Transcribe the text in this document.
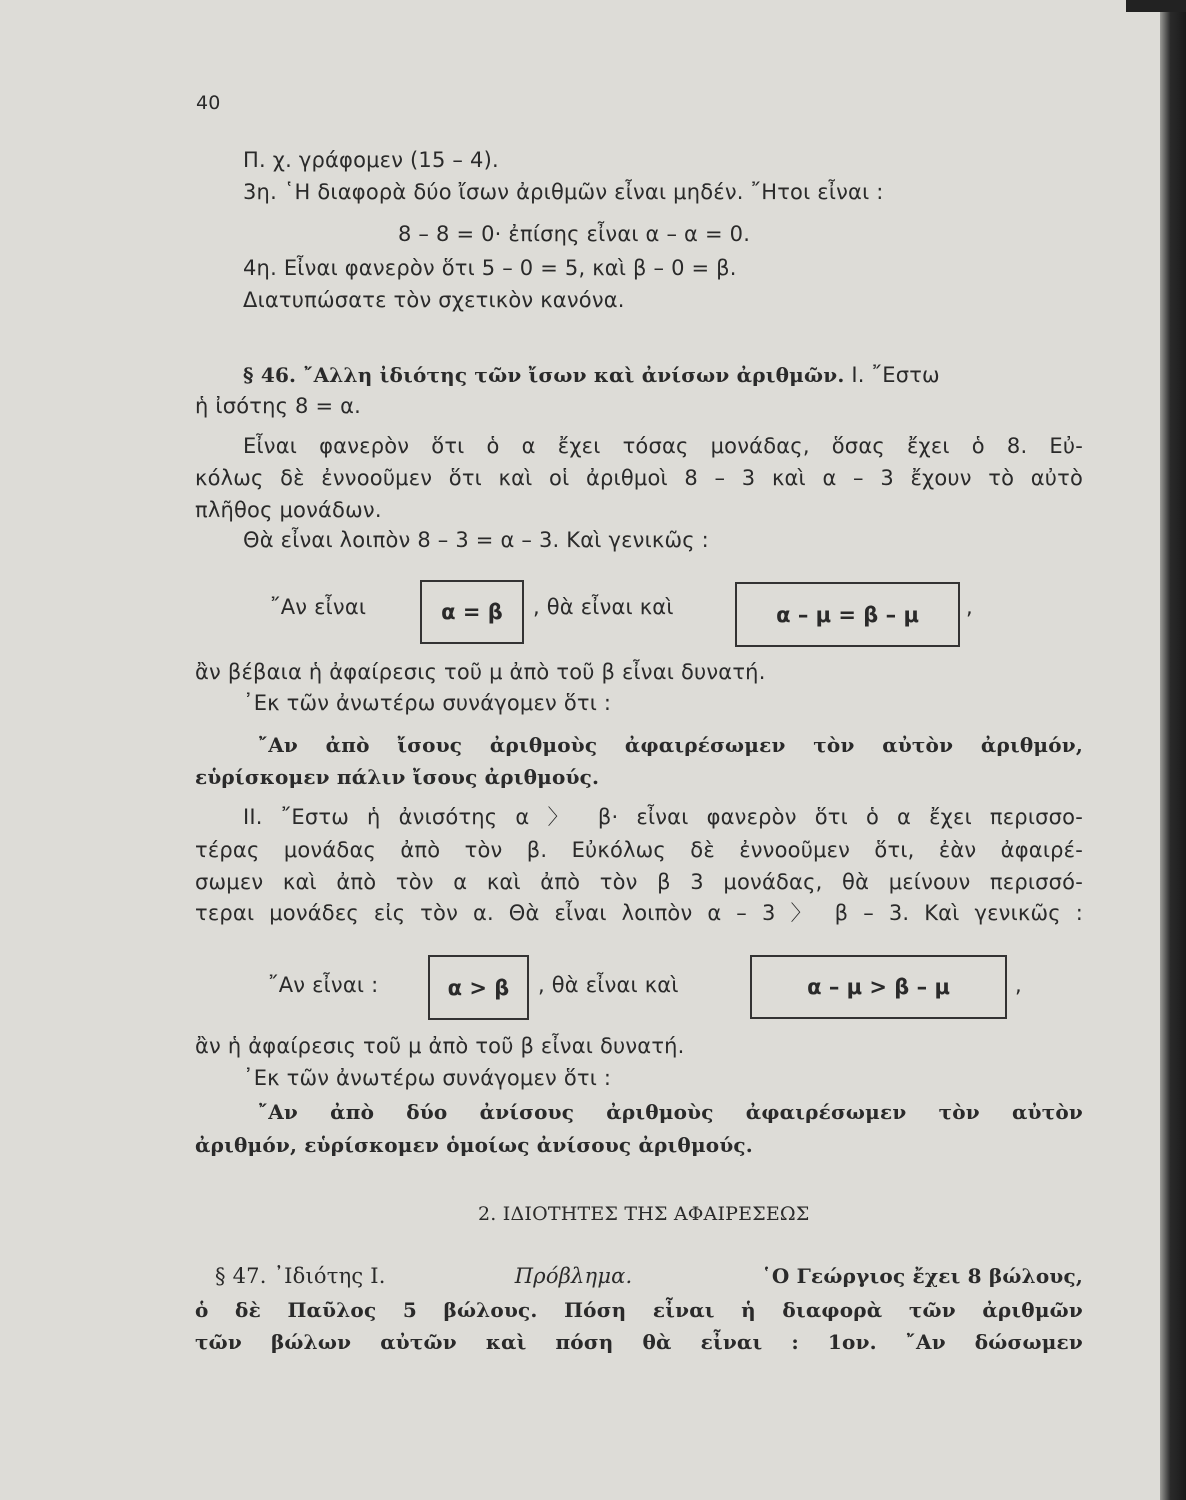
40
Π. χ. γράφομεν (15 – 4).
3η. ῾Η διαφορὰ δύο ἴσων ἀριθμῶν εἶναι μηδέν. ῎Ητοι εἶναι :
8 – 8 = 0· ἐπίσης εἶναι α – α = 0.
4η. Εἶναι φανερὸν ὅτι 5 – 0 = 5, καὶ β – 0 = β.
Διατυπώσατε τὸν σχετικὸν κανόνα.
§ 46. ῎Αλλη ἰδιότης τῶν ἴσων καὶ ἀνίσων ἀριθμῶν. I. ῎Εστω
ἡ ἰσότης 8 = α.
Εἶναι φανερὸν ὅτι ὁ α ἔχει τόσας μονάδας, ὅσας ἔχει ὁ 8. Εὐ-
κόλως δὲ ἐννοοῦμεν ὅτι καὶ οἱ ἀριθμοὶ 8 – 3 καὶ α – 3 ἔχουν τὸ αὐτὸ
πλῆθος μονάδων.
Θὰ εἶναι λοιπὸν 8 – 3 = α – 3. Καὶ γενικῶς :
῎Αν εἶναι	α = β	, θὰ εἶναι καὶ	α – μ = β – μ	,
ἂν βέβαια ἡ ἀφαίρεσις τοῦ μ ἀπὸ τοῦ β εἶναι δυνατή.
᾿Εκ τῶν ἀνωτέρω συνάγομεν ὅτι :
῎Αν ἀπὸ ἴσους ἀριθμοὺς ἀφαιρέσωμεν τὸν αὐτὸν ἀριθμόν,
εὑρίσκομεν πάλιν ἴσους ἀριθμούς.
II. ῎Εστω ἡ ἀνισότης α 〉 β· εἶναι φανερὸν ὅτι ὁ α ἔχει περισσο-
τέρας μονάδας ἀπὸ τὸν β. Εὐκόλως δὲ ἐννοοῦμεν ὅτι, ἐὰν ἀφαιρέ-
σωμεν καὶ ἀπὸ τὸν α καὶ ἀπὸ τὸν β 3 μονάδας, θὰ μείνουν περισσό-
τεραι μονάδες εἰς τὸν α. Θὰ εἶναι λοιπὸν α – 3 〉 β – 3. Καὶ γενικῶς :
῎Αν εἶναι :	α > β	, θὰ εἶναι καὶ	α – μ > β – μ	,
ἂν ἡ ἀφαίρεσις τοῦ μ ἀπὸ τοῦ β εἶναι δυνατή.
᾿Εκ τῶν ἀνωτέρω συνάγομεν ὅτι :
῎Αν ἀπὸ δύο ἀνίσους ἀριθμοὺς ἀφαιρέσωμεν τὸν αὐτὸν
ἀριθμόν, εὑρίσκομεν ὁμοίως ἀνίσους ἀριθμούς.
2. ΙΔΙΟΤΗΤΕΣ ΤΗΣ ΑΦΑΙΡΕΣΕΩΣ
§ 47. ᾿Ιδιότης I.	Πρόβλημα.	῾Ο Γεώργιος ἔχει 8 βώλους,
ὁ δὲ Παῦλος 5 βώλους. Πόση εἶναι ἡ διαφορὰ τῶν ἀριθμῶν
τῶν βώλων αὐτῶν καὶ πόση θὰ εἶναι : 1ον. ῎Αν δώσωμεν
